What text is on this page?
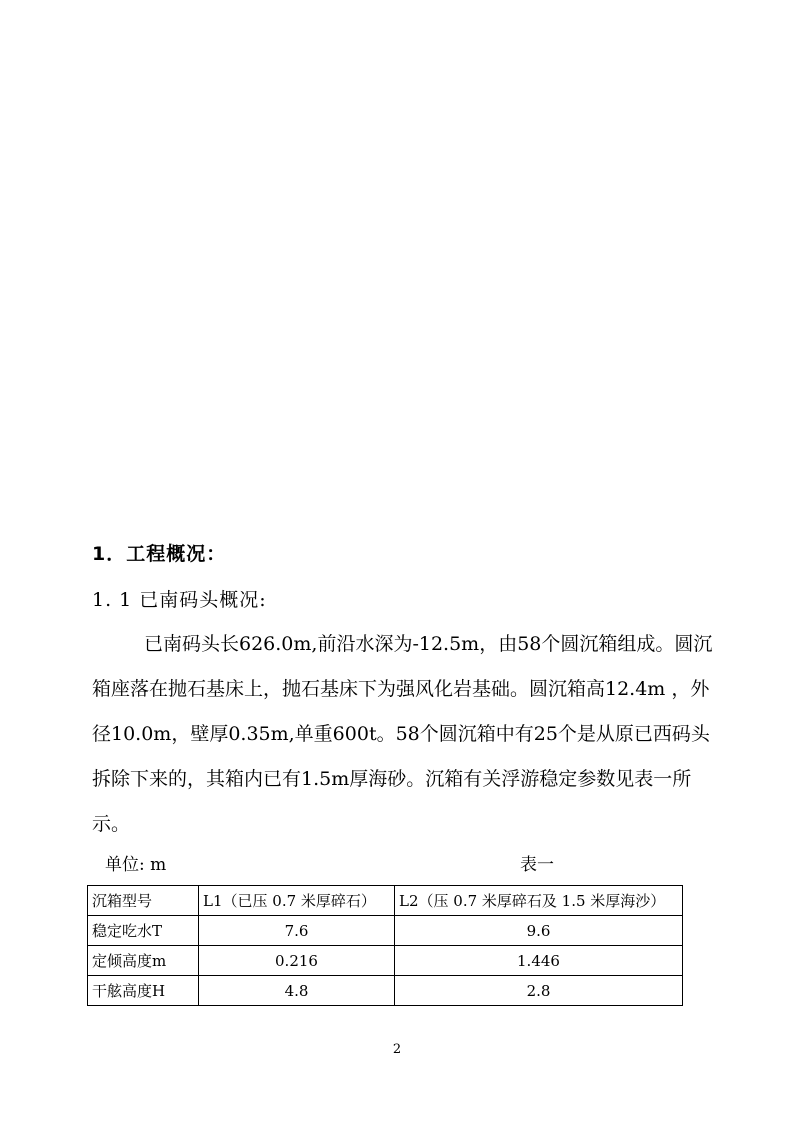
1．工程概况：
1. 1 已南码头概况:

已南码头长626.0m,前沿水深为-12.5m，由58个圆沉箱组成。圆沉箱座落在抛石基床上，抛石基床下为强风化岩基础。圆沉箱高12.4m ，外径10.0m，壁厚0.35m,单重600t。58个圆沉箱中有25个是从原已西码头拆除下来的，其箱内已有1.5m厚海砂。沉箱有关浮游稳定参数见表一所示。

单位: m	表一
沉箱型号	L1（已压 0.7 米厚碎石）	L2（压 0.7 米厚碎石及 1.5 米厚海沙）
稳定吃水T	7.6	9.6
定倾高度m	0.216	1.446
干舷高度H	4.8	2.8
2
